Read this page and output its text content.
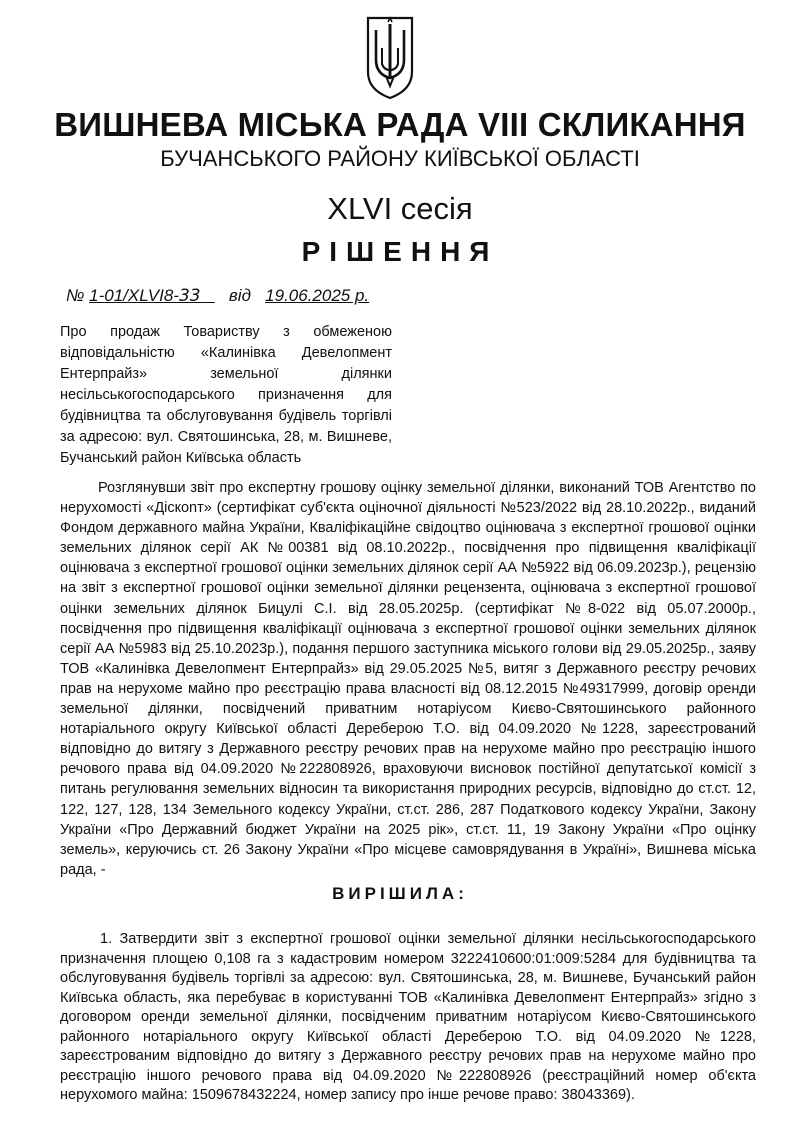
ВИШНЕВА МІСЬКА РАДА VIII СКЛИКАННЯ
БУЧАНСЬКОГО РАЙОНУ КИЇВСЬКОЇ ОБЛАСТІ
XLVI сесія
РІШЕННЯ
№ 1-01/XLVI8-33 від 19.06.2025 р.
Про продаж Товариству з обмеженою
відповідальністю «Калинівка Девелопмент
Ентерпрайз» земельної ділянки
несільськогосподарського призначення для
будівництва та обслуговування будівель торгівлі
за адресою: вул. Святошинська, 28, м. Вишневе,
Бучанський район Київська область

Розглянувши звіт про експертну грошову оцінку земельної ділянки, виконаний ТОВ Агентство по нерухомості «Діскonт» (сертифікат суб'єкта оціночної діяльності №523/2022 від 28.10.2022р., виданий Фондом державного майна України, Кваліфікаційне свідоцтво оцінювача з експертної грошової оцінки земельних ділянок серії АК №00381 від 08.10.2022р., посвідчення про підвищення кваліфікації оцінювача з експертної грошової оцінки земельних ділянок серії АА №5922 від 06.09.2023р.), рецензію на звіт з експертної грошової оцінки земельної ділянки рецензента, оцінювача з експертної грошової оцінки земельних ділянок Бицулі С.І. від 28.05.2025р. (сертифікат №8-022 від 05.07.2000р., посвідчення про підвищення кваліфікації оцінювача з експертної грошової оцінки земельних ділянок серії АА №5983 від 25.10.2023р.), подання першого заступника міського голови від 29.05.2025р., заяву ТОВ «Калинівка Девелопмент Ентерпрайз» від 29.05.2025 №5, витяг з Державного реєстру речових прав на нерухоме майно про реєстрацію права власності від 08.12.2015 №49317999, договір оренди земельної ділянки, посвідчений приватним нотаріусом Києво-Святошинського районного нотаріального округу Київської області Дереберою Т.О. від 04.09.2020 №1228, зареєстрований відповідно до витягу з Державного реєстру речових прав на нерухоме майно про реєстрацію іншого речового права від 04.09.2020 №222808926, враховуючи висновок постійної депутатської комісії з питань регулювання земельних відносин та використання природних ресурсів, відповідно до ст.ст. 12, 122, 127, 128, 134 Земельного кодексу України, ст.ст. 286, 287 Податкового кодексу України, Закону України «Про Державний бюджет України на 2025 рік», ст.ст. 11, 19 Закону України «Про оцінку земель», керуючись ст. 26 Закону України «Про місцеве самоврядування в Україні», Вишнева міська рада, -

ВИРІШИЛА:

1. Затвердити звіт з експертної грошової оцінки земельної ділянки несільськогосподарського призначення площею 0,108 га з кадастровим номером 3222410600:01:009:5284 для будівництва та обслуговування будівель торгівлі за адресою: вул. Святошинська, 28, м. Вишневе, Бучанський район Київська область, яка перебуває в користуванні ТОВ «Калинівка Девелопмент Ентерпрайз» згідно з договором оренди земельної ділянки, посвідченим приватним нотаріусом Києво-Святошинського районного нотаріального округу Київської області Дереберою Т.О. від 04.09.2020 №1228, зареєстрованим відповідно до витягу з Державного реєстру речових прав на нерухоме майно про реєстрацію іншого речового права від 04.09.2020 №222808926 (реєстраційний номер об'єкта нерухомого майна: 1509678432224, номер запису про інше речове право: 38043369).
